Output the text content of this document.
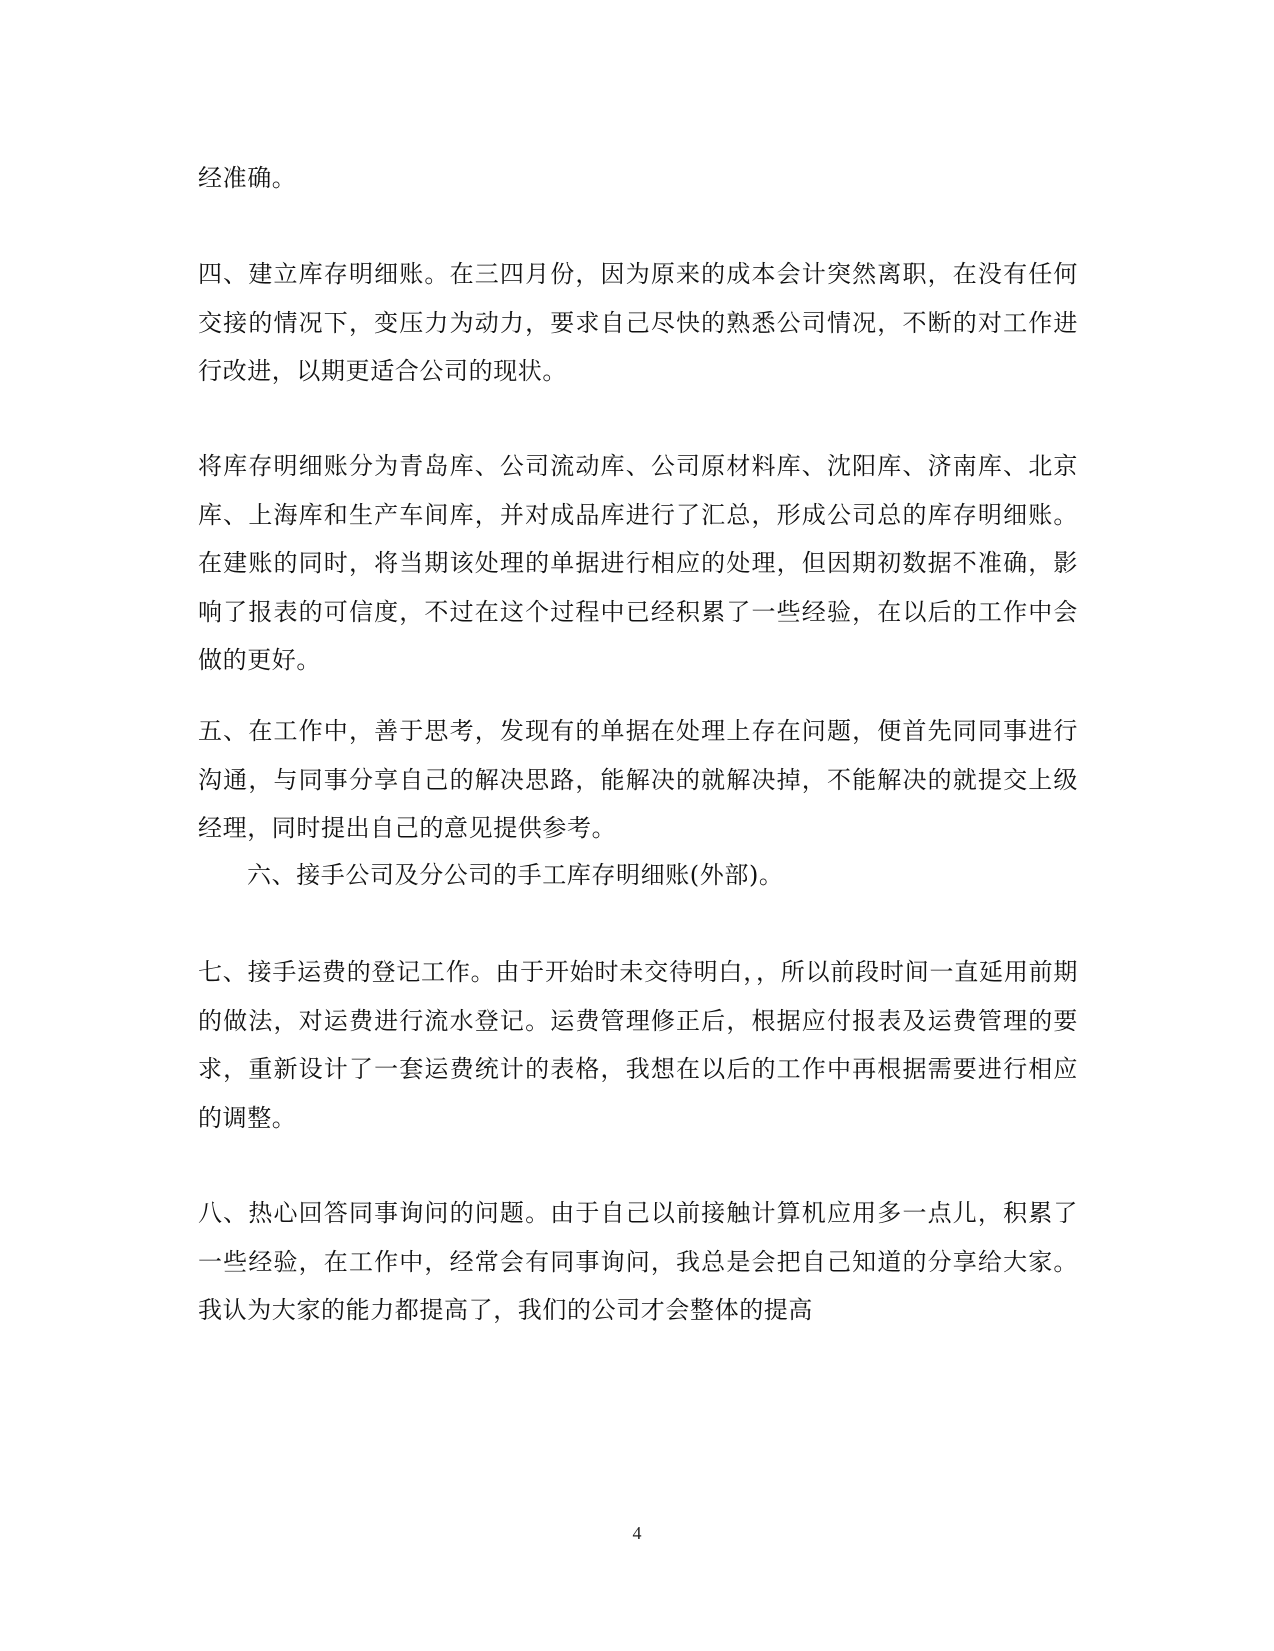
经准确。

四、建立库存明细账。在三四月份，因为原来的成本会计突然离职，在没有任何交接的情况下，变压力为动力，要求自己尽快的熟悉公司情况，不断的对工作进行改进，以期更适合公司的现状。

将库存明细账分为青岛库、公司流动库、公司原材料库、沈阳库、济南库、北京库、上海库和生产车间库，并对成品库进行了汇总，形成公司总的库存明细账。在建账的同时，将当期该处理的单据进行相应的处理，但因期初数据不准确，影响了报表的可信度，不过在这个过程中已经积累了一些经验，在以后的工作中会做的更好。

五、在工作中，善于思考，发现有的单据在处理上存在问题，便首先同同事进行沟通，与同事分享自己的解决思路，能解决的就解决掉，不能解决的就提交上级经理，同时提出自己的意见提供参考。

六、接手公司及分公司的手工库存明细账(外部)。

七、接手运费的登记工作。由于开始时未交待明白，，所以前段时间一直延用前期的做法，对运费进行流水登记。运费管理修正后，根据应付报表及运费管理的要求，重新设计了一套运费统计的表格，我想在以后的工作中再根据需要进行相应的调整。

八、热心回答同事询问的问题。由于自己以前接触计算机应用多一点儿，积累了一些经验，在工作中，经常会有同事询问，我总是会把自己知道的分享给大家。我认为大家的能力都提高了，我们的公司才会整体的提高

4
